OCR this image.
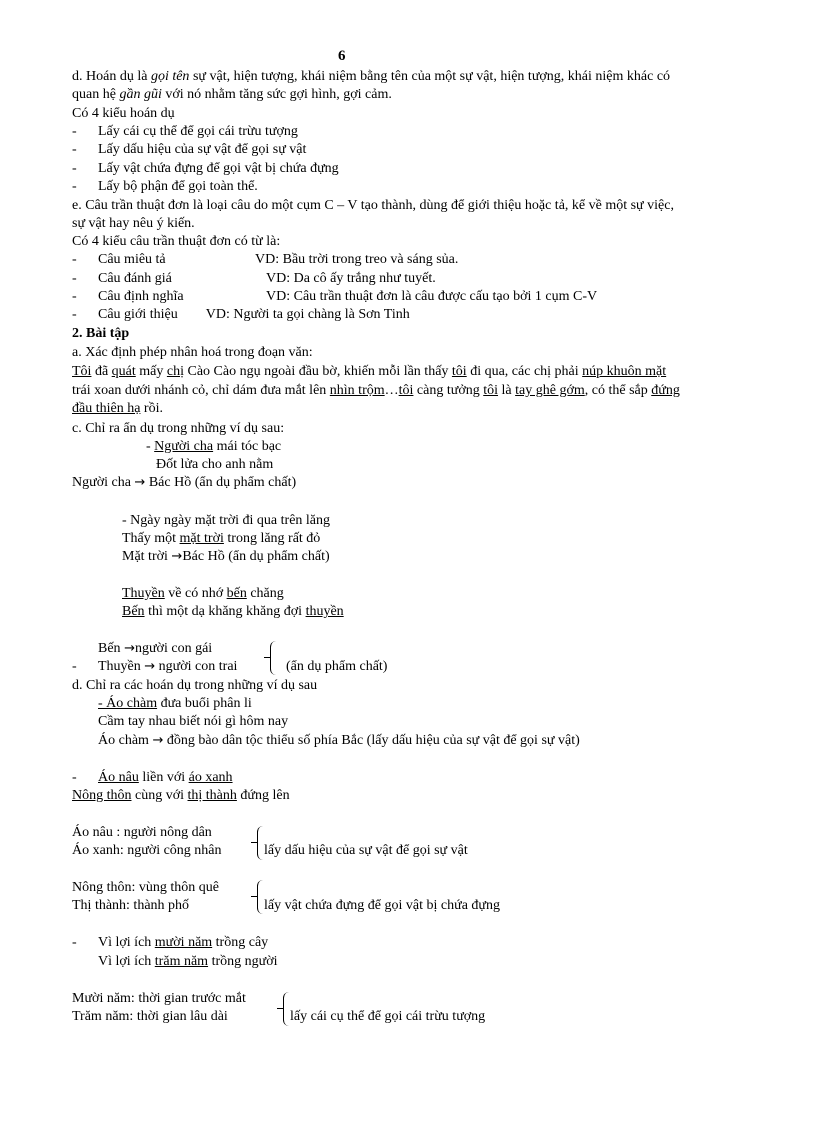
6
d. Hoán dụ là gọi tên sự vật, hiện tượng, khái niệm bằng tên của một sự vật, hiện tượng, khái niệm khác có
quan hệ gần gũi với nó nhằm tăng sức gợi hình, gợi cảm.
Có 4 kiểu hoán dụ
- Lấy cái cụ thể để gọi cái trừu tượng
- Lấy dấu hiệu của sự vật để gọi sự vật
- Lấy vật chứa đựng để gọi vật bị chứa đựng
- Lấy bộ phận để gọi toàn thể.
e. Câu trần thuật đơn là loại câu do một cụm C – V tạo thành, dùng để giới thiệu hoặc tả, kể về một sự việc,
sự vật hay nêu ý kiến.
Có 4 kiểu câu trần thuật đơn có từ là:
- Câu miêu tả	VD: Bầu trời trong treo và sáng sủa.
- Câu đánh giá	VD: Da cô ấy trắng như tuyết.
- Câu định nghĩa	VD: Câu trần thuật đơn là câu được cấu tạo bởi 1 cụm C-V
- Câu giới thiệu VD: Người ta gọi chàng là Sơn Tinh
2. Bài tập
a. Xác định phép nhân hoá trong đoạn văn:
Tôi đã quát mấy chị Cào Cào ngụ ngoài đầu bờ, khiến mỗi lần thấy tôi đi qua, các chị phải núp khuôn mặt
trái xoan dưới nhánh cỏ, chỉ dám đưa mắt lên nhìn trộm…tôi càng tưởng tôi là tay ghê gớm, có thể sắp đứng
đầu thiên hạ rồi.
c. Chỉ ra ẩn dụ trong những ví dụ sau:
- Người cha mái tóc bạc
Đốt lửa cho anh nằm
Người cha → Bác Hồ (ẩn dụ phẩm chất)
- Ngày ngày mặt trời đi qua trên lăng
Thấy một mặt trời trong lăng rất đỏ
Mặt trời →Bác Hồ (ẩn dụ phẩm chất)
Thuyền về có nhớ bến chăng
Bến thì một dạ khăng khăng đợi thuyền
Bến →người con gái
- Thuyền → người con trai	(ẩn dụ phẩm chất)
d. Chỉ ra các hoán dụ trong những ví dụ sau
- Áo chàm đưa buổi phân li
Cầm tay nhau biết nói gì hôm nay
Áo chàm → đồng bào dân tộc thiểu số phía Bắc (lấy dấu hiệu của sự vật để gọi sự vật)
- Áo nâu liền với áo xanh
Nông thôn cùng với thị thành đứng lên
Áo nâu : người nông dân
Áo xanh: người công nhân	lấy dấu hiệu của sự vật để gọi sự vật
Nông thôn: vùng thôn quê
Thị thành: thành phố	lấy vật chứa đựng để gọi vật bị chứa đựng
- Vì lợi ích mười năm trồng cây
Vì lợi ích trăm năm trồng người
Mười năm: thời gian trước mắt
Trăm năm: thời gian lâu dài	lấy cái cụ thể để gọi cái trừu tượng
